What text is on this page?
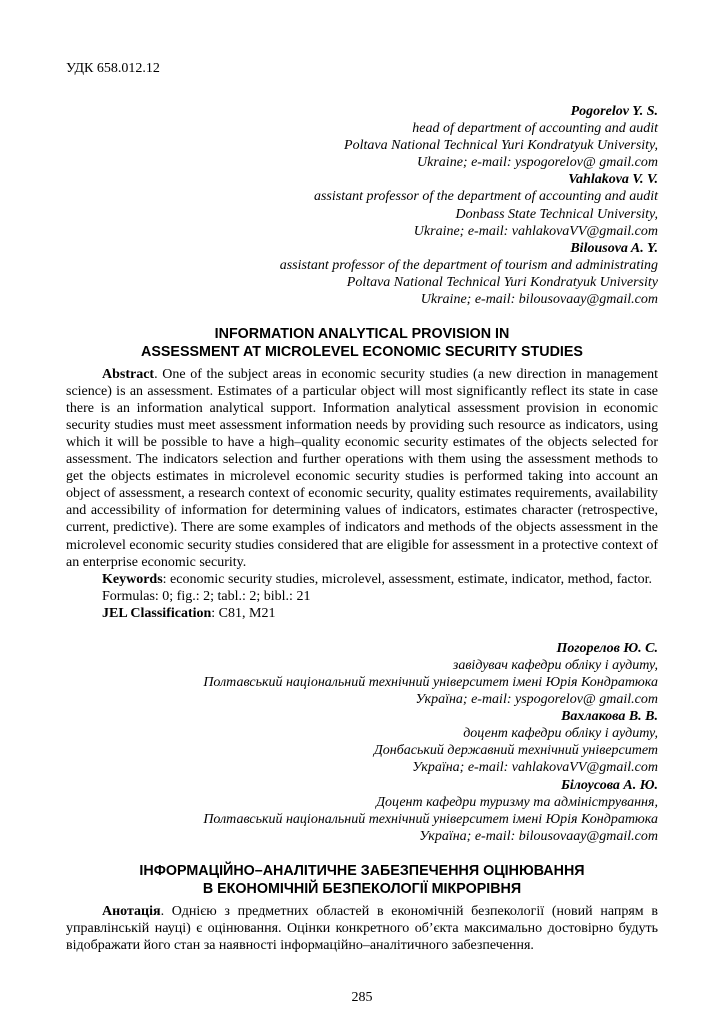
УДК 658.012.12
Pogorelov Y. S.
head of department of accounting and audit
Poltava National Technical Yuri Kondratyuk University,
Ukraine; e-mail: yspogorelov@ gmail.com
Vahlakova V. V.
assistant professor of the department of accounting and audit
Donbass State Technical University,
Ukraine; e-mail: vahlakovaVV@gmail.com
Bilousova A. Y.
assistant professor of the department of tourism and administrating
Poltava National Technical Yuri Kondratyuk University
Ukraine; e-mail: bilousovaay@gmail.com
INFORMATION ANALYTICAL PROVISION IN
ASSESSMENT AT MICROLEVEL ECONOMIC SECURITY STUDIES

Abstract. One of the subject areas in economic security studies (a new direction in management science) is an assessment. Estimates of a particular object will most significantly reflect its state in case there is an information analytical support. Information analytical assessment provision in economic security studies must meet assessment information needs by providing such resource as indicators, using which it will be possible to have a high–quality economic security estimates of the objects selected for assessment. The indicators selection and further operations with them using the assessment methods to get the objects estimates in microlevel economic security studies is performed taking into account an object of assessment, a research context of economic security, quality estimates requirements, availability and accessibility of information for determining values of indicators, estimates character (retrospective, current, predictive). There are some examples of indicators and methods of the objects assessment in the microlevel economic security studies considered that are eligible for assessment in a protective context of an enterprise economic security.

Keywords: economic security studies, microlevel, assessment, estimate, indicator, method, factor.
Formulas: 0; fig.: 2; tabl.: 2; bibl.: 21
JEL Classification: C81, M21
Погорелов Ю. С.
завідувач кафедри обліку і аудиту,
Полтавський національний технічний університет імені Юрія Кондратюка
Україна; e-mail: yspogorelov@ gmail.com
Вахлакова В. В.
доцент кафедри обліку і аудиту,
Донбаський державний технічний університет
Україна; e-mail: vahlakovaVV@gmail.com
Білоусова А. Ю.
Доцент кафедри туризму та адміністрування,
Полтавський національний технічний університет імені Юрія Кондратюка
Україна; e-mail: bilousovaay@gmail.com
ІНФОРМАЦІЙНО–АНАЛІТИЧНЕ ЗАБЕЗПЕЧЕННЯ ОЦІНЮВАННЯ
В ЕКОНОМІЧНІЙ БЕЗПЕКОЛОГІЇ МІКРОРІВНЯ

Анотація. Однією з предметних областей в економічній безпекології (новий напрям в управлінській науці) є оцінювання. Оцінки конкретного об’єкта максимально достовірно будуть відображати його стан за наявності інформаційно–аналітичного забезпечення.

285
